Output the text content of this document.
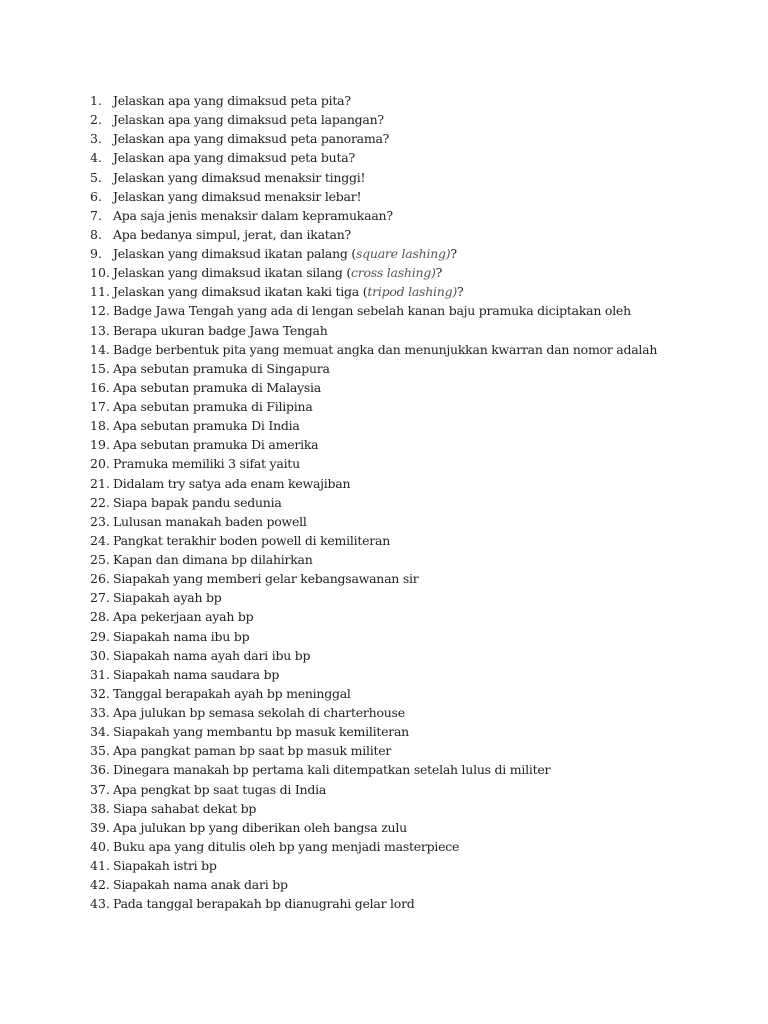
1. Jelaskan apa yang dimaksud peta pita?
2. Jelaskan apa yang dimaksud peta lapangan?
3. Jelaskan apa yang dimaksud peta panorama?
4. Jelaskan apa yang dimaksud peta buta?
5. Jelaskan yang dimaksud menaksir tinggi!
6. Jelaskan yang dimaksud menaksir lebar!
7. Apa saja jenis menaksir dalam kepramukaan?
8. Apa bedanya simpul, jerat, dan ikatan?
9. Jelaskan yang dimaksud ikatan palang (square lashing)?
10. Jelaskan yang dimaksud ikatan silang (cross lashing)?
11. Jelaskan yang dimaksud ikatan kaki tiga (tripod lashing)?
12. Badge Jawa Tengah yang ada di lengan sebelah kanan baju pramuka diciptakan oleh
13. Berapa ukuran badge Jawa Tengah
14. Badge berbentuk pita yang memuat angka dan menunjukkan kwarran dan nomor adalah
15. Apa sebutan pramuka di Singapura
16. Apa sebutan pramuka di Malaysia
17. Apa sebutan pramuka di Filipina
18. Apa sebutan pramuka Di India
19. Apa sebutan pramuka Di amerika
20. Pramuka memiliki 3 sifat yaitu
21. Didalam try satya ada enam kewajiban
22. Siapa bapak pandu sedunia
23. Lulusan manakah baden powell
24. Pangkat terakhir boden powell di kemiliteran
25. Kapan dan dimana bp dilahirkan
26. Siapakah yang memberi gelar kebangsawanan sir
27. Siapakah ayah bp
28. Apa pekerjaan ayah bp
29. Siapakah nama ibu bp
30. Siapakah nama ayah dari ibu bp
31. Siapakah nama saudara bp
32. Tanggal berapakah ayah bp meninggal
33. Apa julukan bp semasa sekolah di charterhouse
34. Siapakah yang membantu bp masuk kemiliteran
35. Apa pangkat paman bp saat bp masuk militer
36. Dinegara manakah bp pertama kali ditempatkan setelah lulus di militer
37. Apa pengkat bp saat tugas di India
38. Siapa sahabat dekat bp
39. Apa julukan bp yang diberikan oleh bangsa zulu
40. Buku apa yang ditulis oleh bp yang menjadi masterpiece
41. Siapakah istri bp
42. Siapakah nama anak dari bp
43. Pada tanggal berapakah bp dianugrahi gelar lord
